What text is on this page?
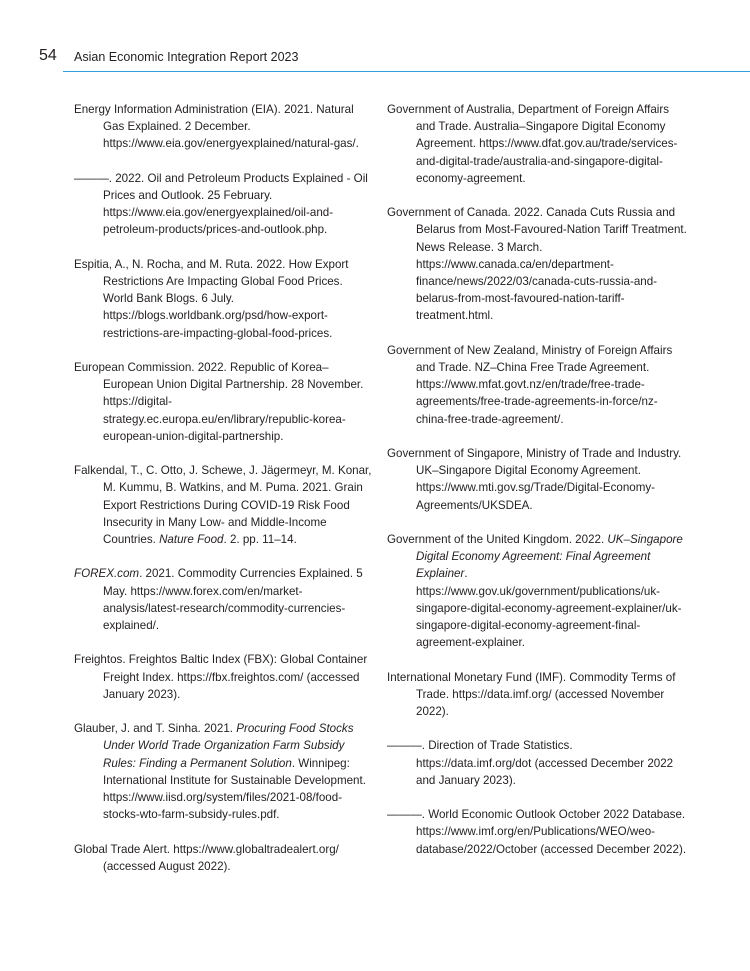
54 Asian Economic Integration Report 2023

Energy Information Administration (EIA). 2021. Natural Gas Explained. 2 December. https://www.eia.gov/energyexplained/natural-gas/.

———. 2022. Oil and Petroleum Products Explained - Oil Prices and Outlook. 25 February. https://www.eia.gov/energyexplained/oil-and-petroleum-products/prices-and-outlook.php.

Espitia, A., N. Rocha, and M. Ruta. 2022. How Export Restrictions Are Impacting Global Food Prices. World Bank Blogs. 6 July. https://blogs.worldbank.org/psd/how-export-restrictions-are-impacting-global-food-prices.

European Commission. 2022. Republic of Korea–European Union Digital Partnership. 28 November. https://digital-strategy.ec.europa.eu/en/library/republic-korea-european-union-digital-partnership.

Falkendal, T., C. Otto, J. Schewe, J. Jägermeyr, M. Konar, M. Kummu, B. Watkins, and M. Puma. 2021. Grain Export Restrictions During COVID-19 Risk Food Insecurity in Many Low- and Middle-Income Countries. Nature Food. 2. pp. 11–14.

FOREX.com. 2021. Commodity Currencies Explained. 5 May. https://www.forex.com/en/market-analysis/latest-research/commodity-currencies-explained/.

Freightos. Freightos Baltic Index (FBX): Global Container Freight Index. https://fbx.freightos.com/ (accessed January 2023).

Glauber, J. and T. Sinha. 2021. Procuring Food Stocks Under World Trade Organization Farm Subsidy Rules: Finding a Permanent Solution. Winnipeg: International Institute for Sustainable Development. https://www.iisd.org/system/files/2021-08/food-stocks-wto-farm-subsidy-rules.pdf.

Global Trade Alert. https://www.globaltradealert.org/ (accessed August 2022).

Government of Australia, Department of Foreign Affairs and Trade. Australia–Singapore Digital Economy Agreement. https://www.dfat.gov.au/trade/services-and-digital-trade/australia-and-singapore-digital-economy-agreement.

Government of Canada. 2022. Canada Cuts Russia and Belarus from Most-Favoured-Nation Tariff Treatment. News Release. 3 March. https://www.canada.ca/en/department-finance/news/2022/03/canada-cuts-russia-and-belarus-from-most-favoured-nation-tariff-treatment.html.

Government of New Zealand, Ministry of Foreign Affairs and Trade. NZ–China Free Trade Agreement. https://www.mfat.govt.nz/en/trade/free-trade-agreements/free-trade-agreements-in-force/nz-china-free-trade-agreement/.

Government of Singapore, Ministry of Trade and Industry. UK–Singapore Digital Economy Agreement. https://www.mti.gov.sg/Trade/Digital-Economy-Agreements/UKSDEA.

Government of the United Kingdom. 2022. UK–Singapore Digital Economy Agreement: Final Agreement Explainer. https://www.gov.uk/government/publications/uk-singapore-digital-economy-agreement-explainer/uk-singapore-digital-economy-agreement-final-agreement-explainer.

International Monetary Fund (IMF). Commodity Terms of Trade. https://data.imf.org/ (accessed November 2022).

———. Direction of Trade Statistics. https://data.imf.org/dot (accessed December 2022 and January 2023).

———. World Economic Outlook October 2022 Database. https://www.imf.org/en/Publications/WEO/weo-database/2022/October (accessed December 2022).
